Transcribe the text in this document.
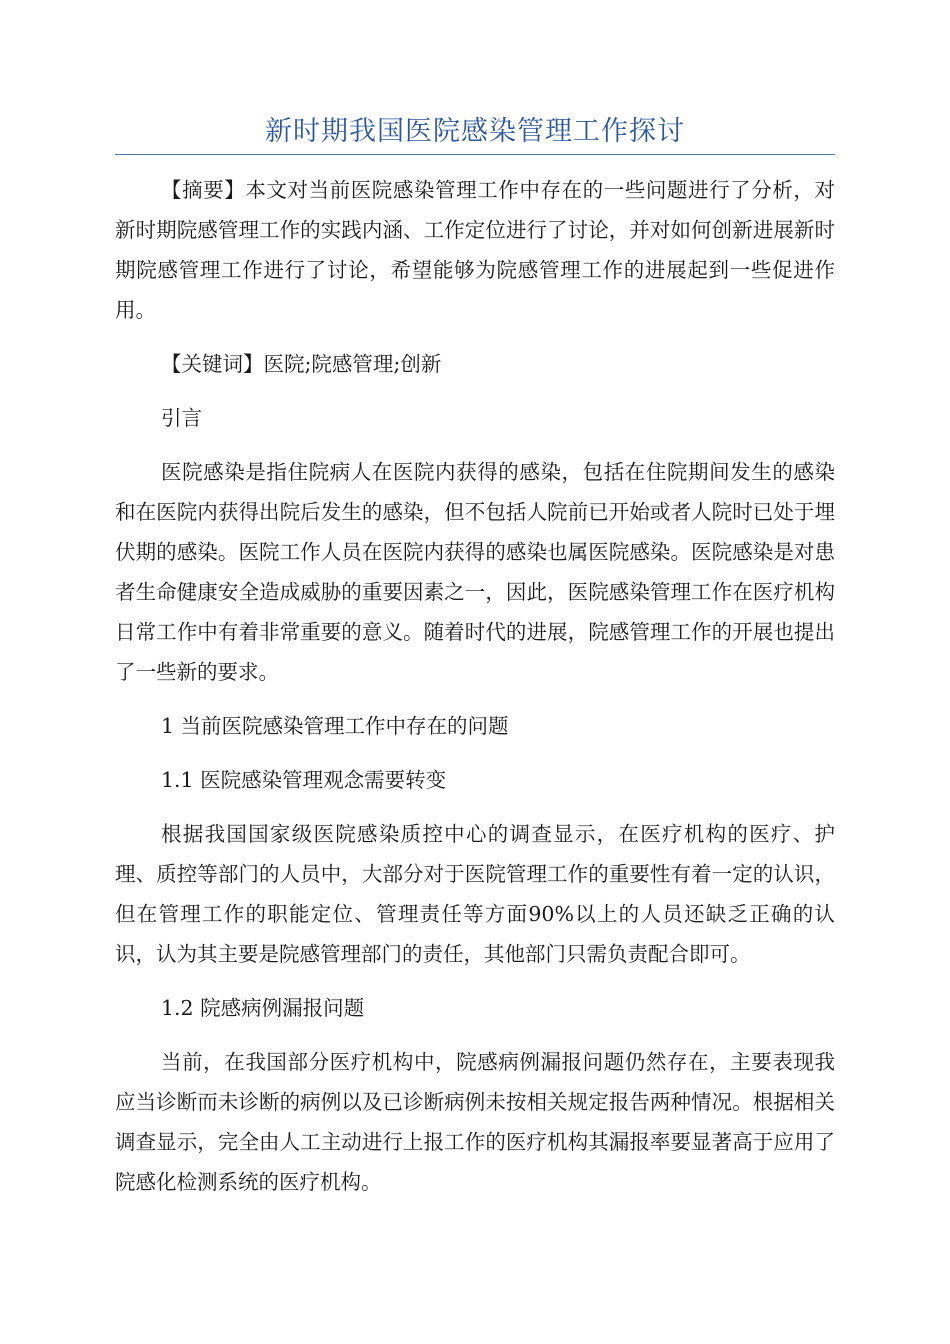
新时期我国医院感染管理工作探讨

【摘要】本文对当前医院感染管理工作中存在的一些问题进行了分析，对新时期院感管理工作的实践内涵、工作定位进行了讨论，并对如何创新进展新时期院感管理工作进行了讨论，希望能够为院感管理工作的进展起到一些促进作用。

【关键词】医院;院感管理;创新

引言

医院感染是指住院病人在医院内获得的感染，包括在住院期间发生的感染和在医院内获得出院后发生的感染，但不包括人院前已开始或者人院时已处于埋伏期的感染。医院工作人员在医院内获得的感染也属医院感染。医院感染是对患者生命健康安全造成威胁的重要因素之一，因此，医院感染管理工作在医疗机构日常工作中有着非常重要的意义。随着时代的进展，院感管理工作的开展也提出了一些新的要求。

1 当前医院感染管理工作中存在的问题

1.1 医院感染管理观念需要转变

根据我国国家级医院感染质控中心的调查显示，在医疗机构的医疗、护理、质控等部门的人员中，大部分对于医院管理工作的重要性有着一定的认识，但在管理工作的职能定位、管理责任等方面90%以上的人员还缺乏正确的认识，认为其主要是院感管理部门的责任，其他部门只需负责配合即可。

1.2 院感病例漏报问题

当前，在我国部分医疗机构中，院感病例漏报问题仍然存在，主要表现我应当诊断而未诊断的病例以及已诊断病例未按相关规定报告两种情况。根据相关调查显示，完全由人工主动进行上报工作的医疗机构其漏报率要显著高于应用了院感化检测系统的医疗机构。
